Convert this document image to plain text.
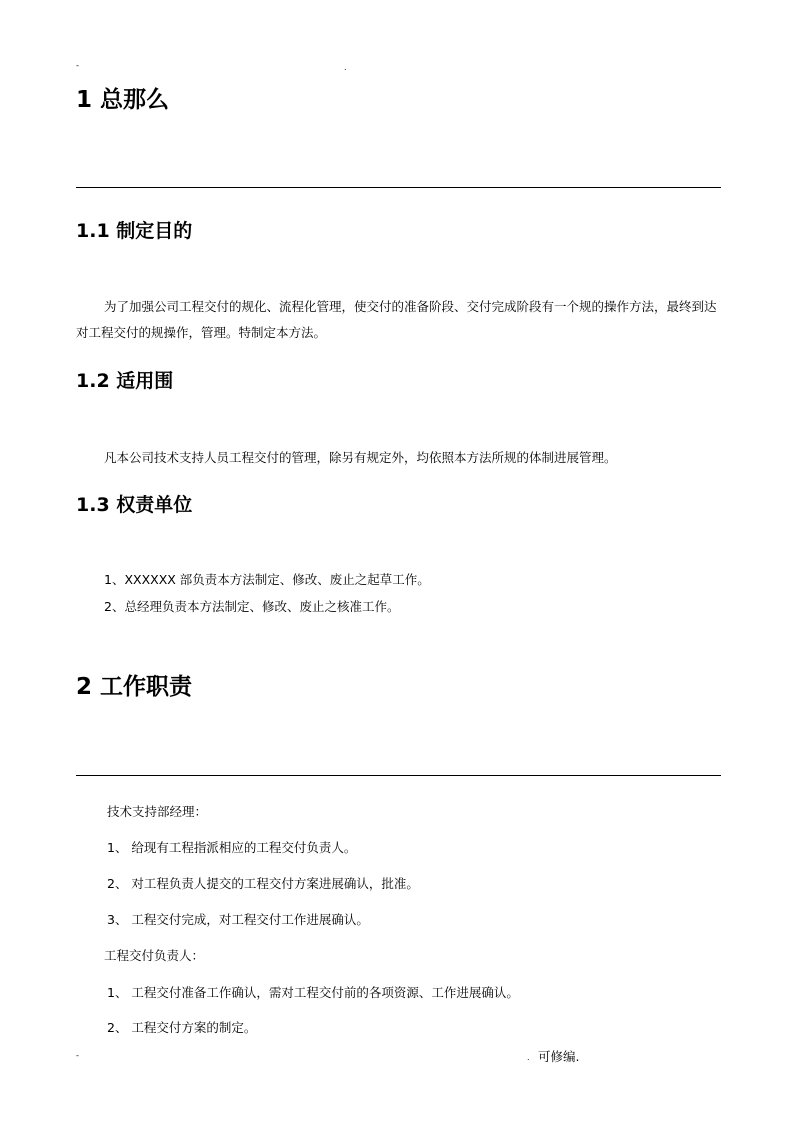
-	.
1 总那么
1.1 制定目的
为了加强公司工程交付的规化、流程化管理，使交付的准备阶段、交付完成阶段有一个规的操作方法，最终到达对工程交付的规操作，管理。特制定本方法。
1.2 适用围
凡本公司技术支持人员工程交付的管理，除另有规定外，均依照本方法所规的体制进展管理。
1.3 权责单位
1、XXXXXX 部负责本方法制定、修改、废止之起草工作。
2、总经理负责本方法制定、修改、废止之核准工作。
2 工作职责
技术支持部经理：
1、 给现有工程指派相应的工程交付负责人。
2、 对工程负责人提交的工程交付方案进展确认，批准。
3、 工程交付完成，对工程交付工作进展确认。
工程交付负责人：
1、 工程交付准备工作确认，需对工程交付前的各项资源、工作进展确认。
2、 工程交付方案的制定。
-	. 可修编.
